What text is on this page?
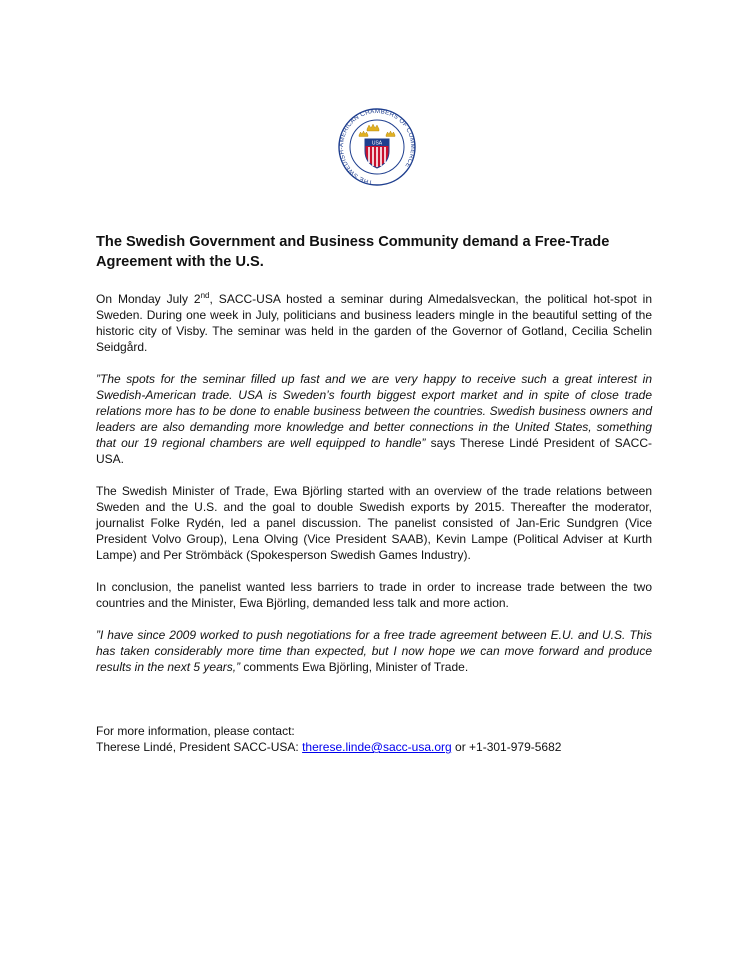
THE SWEDISH-AMERICAN CHAMBERS OF COMMERCE
USA
The Swedish Government and Business Community demand a Free-Trade Agreement with the U.S.

On Monday July 2nd, SACC-USA hosted a seminar during Almedalsveckan, the political hot-spot in Sweden. During one week in July, politicians and business leaders mingle in the beautiful setting of the historic city of Visby. The seminar was held in the garden of the Governor of Gotland, Cecilia Schelin Seidgård.

”The spots for the seminar filled up fast and we are very happy to receive such a great interest in Swedish-American trade. USA is Sweden’s fourth biggest export market and in spite of close trade relations more has to be done to enable business between the countries. Swedish business owners and leaders are also demanding more knowledge and better connections in the United States, something that our 19 regional chambers are well equipped to handle” says Therese Lindé President of SACC-USA.

The Swedish Minister of Trade, Ewa Björling started with an overview of the trade relations between Sweden and the U.S. and the goal to double Swedish exports by 2015. Thereafter the moderator, journalist Folke Rydén, led a panel discussion. The panelist consisted of Jan-Eric Sundgren (Vice President Volvo Group), Lena Olving (Vice President SAAB), Kevin Lampe (Political Adviser at Kurth Lampe) and Per Strömbäck (Spokesperson Swedish Games Industry).

In conclusion, the panelist wanted less barriers to trade in order to increase trade between the two countries and the Minister, Ewa Björling, demanded less talk and more action.

”I have since 2009 worked to push negotiations for a free trade agreement between E.U. and U.S. This has taken considerably more time than expected, but I now hope we can move forward and produce results in the next 5 years,” comments Ewa Björling, Minister of Trade.

For more information, please contact:
Therese Lindé, President SACC-USA: therese.linde@sacc-usa.org or +1-301-979-5682
